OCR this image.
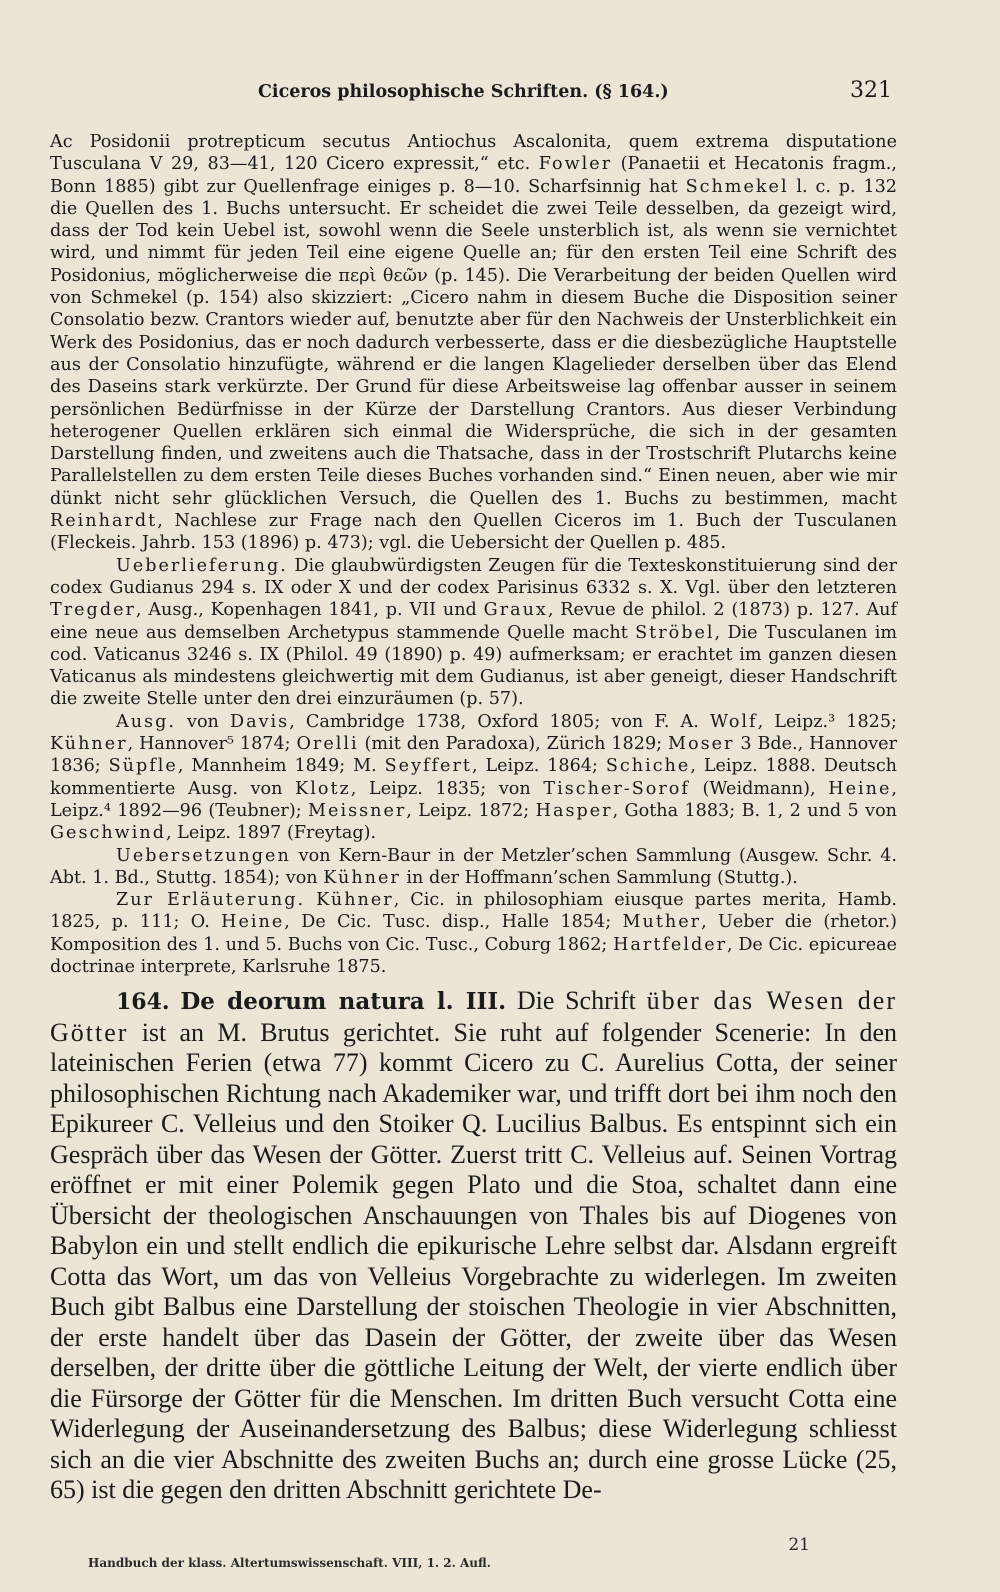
Ciceros philosophische Schriften. (§ 164.)	321

Ac Posidonii protrepticum secutus Antiochus Ascalonita, quem extrema disputatione Tusculana V 29, 83—41, 120 Cicero expressit,“ etc. Fowler (Panaetii et Hecatonis fragm., Bonn 1885) gibt zur Quellenfrage einiges p. 8—10. Scharfsinnig hat Schmekel l. c. p. 132 die Quellen des 1. Buchs untersucht. Er scheidet die zwei Teile desselben, da gezeigt wird, dass der Tod kein Uebel ist, sowohl wenn die Seele unsterblich ist, als wenn sie vernichtet wird, und nimmt für jeden Teil eine eigene Quelle an; für den ersten Teil eine Schrift des Posidonius, möglicherweise die περὶ θεῶν (p. 145). Die Verarbeitung der beiden Quellen wird von Schmekel (p. 154) also skizziert: „Cicero nahm in diesem Buche die Disposition seiner Consolatio bezw. Crantors wieder auf, benutzte aber für den Nachweis der Unsterblichkeit ein Werk des Posidonius, das er noch dadurch verbesserte, dass er die diesbezügliche Hauptstelle aus der Consolatio hinzufügte, während er die langen Klagelieder derselben über das Elend des Daseins stark verkürzte. Der Grund für diese Arbeitsweise lag offenbar ausser in seinem persönlichen Bedürfnisse in der Kürze der Darstellung Crantors. Aus dieser Verbindung heterogener Quellen erklären sich einmal die Widersprüche, die sich in der gesamten Darstellung finden, und zweitens auch die Thatsache, dass in der Trostschrift Plutarchs keine Parallelstellen zu dem ersten Teile dieses Buches vorhanden sind.“ Einen neuen, aber wie mir dünkt nicht sehr glücklichen Versuch, die Quellen des 1. Buchs zu bestimmen, macht Reinhardt, Nachlese zur Frage nach den Quellen Ciceros im 1. Buch der Tusculanen (Fleckeis. Jahrb. 153 (1896) p. 473); vgl. die Uebersicht der Quellen p. 485.

Ueberlieferung. Die glaubwürdigsten Zeugen für die Texteskonstituierung sind der codex Gudianus 294 s. IX oder X und der codex Parisinus 6332 s. X. Vgl. über den letzteren Tregder, Ausg., Kopenhagen 1841, p. VII und Graux, Revue de philol. 2 (1873) p. 127. Auf eine neue aus demselben Archetypus stammende Quelle macht Ströbel, Die Tusculanen im cod. Vaticanus 3246 s. IX (Philol. 49 (1890) p. 49) aufmerksam; er erachtet im ganzen diesen Vaticanus als mindestens gleichwertig mit dem Gudianus, ist aber geneigt, dieser Handschrift die zweite Stelle unter den drei einzuräumen (p. 57).

Ausg. von Davis, Cambridge 1738, Oxford 1805; von F. A. Wolf, Leipz.³ 1825; Kühner, Hannover⁵ 1874; Orelli (mit den Paradoxa), Zürich 1829; Moser 3 Bde., Hannover 1836; Süpfle, Mannheim 1849; M. Seyffert, Leipz. 1864; Schiche, Leipz. 1888. Deutsch kommentierte Ausg. von Klotz, Leipz. 1835; von Tischer-Sorof (Weidmann), Heine, Leipz.⁴ 1892—96 (Teubner); Meissner, Leipz. 1872; Hasper, Gotha 1883; B. 1, 2 und 5 von Geschwind, Leipz. 1897 (Freytag).

Uebersetzungen von Kern-Baur in der Metzler’schen Sammlung (Ausgew. Schr. 4. Abt. 1. Bd., Stuttg. 1854); von Kühner in der Hoffmann’schen Sammlung (Stuttg.).

Zur Erläuterung. Kühner, Cic. in philosophiam eiusque partes merita, Hamb. 1825, p. 111; O. Heine, De Cic. Tusc. disp., Halle 1854; Muther, Ueber die (rhetor.) Komposition des 1. und 5. Buchs von Cic. Tusc., Coburg 1862; Hartfelder, De Cic. epicureae doctrinae interprete, Karlsruhe 1875.

164. De deorum natura l. III. Die Schrift über das Wesen der Götter ist an M. Brutus gerichtet. Sie ruht auf folgender Scenerie: In den lateinischen Ferien (etwa 77) kommt Cicero zu C. Aurelius Cotta, der seiner philosophischen Richtung nach Akademiker war, und trifft dort bei ihm noch den Epikureer C. Velleius und den Stoiker Q. Lucilius Balbus. Es entspinnt sich ein Gespräch über das Wesen der Götter. Zuerst tritt C. Velleius auf. Seinen Vortrag eröffnet er mit einer Polemik gegen Plato und die Stoa, schaltet dann eine Übersicht der theologischen Anschauungen von Thales bis auf Diogenes von Babylon ein und stellt endlich die epikurische Lehre selbst dar. Alsdann ergreift Cotta das Wort, um das von Velleius Vorgebrachte zu widerlegen. Im zweiten Buch gibt Balbus eine Darstellung der stoischen Theologie in vier Abschnitten, der erste handelt über das Dasein der Götter, der zweite über das Wesen derselben, der dritte über die göttliche Leitung der Welt, der vierte endlich über die Fürsorge der Götter für die Menschen. Im dritten Buch versucht Cotta eine Widerlegung der Auseinandersetzung des Balbus; diese Widerlegung schliesst sich an die vier Abschnitte des zweiten Buchs an; durch eine grosse Lücke (25, 65) ist die gegen den dritten Abschnitt gerichtete De-
21
Handbuch der klass. Altertumswissenschaft. VIII, 1. 2. Aufl.
